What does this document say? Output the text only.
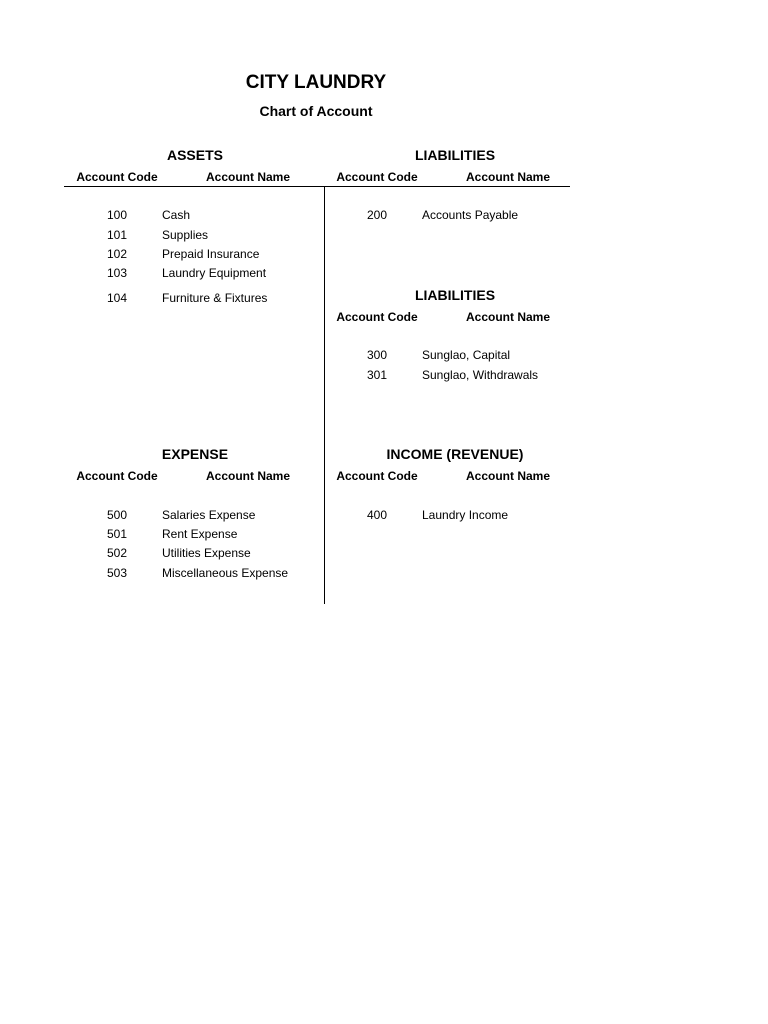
CITY LAUNDRY
Chart of Account
ASSETS
Account Code	Account Name
100	Cash
101	Supplies
102	Prepaid Insurance
103	Laundry Equipment
104	Furniture & Fixtures
LIABILITIES
Account Code	Account Name
200	Accounts Payable
LIABILITIES
Account Code	Account Name
300	Sunglao, Capital
301	Sunglao, Withdrawals
EXPENSE
Account Code	Account Name
500	Salaries Expense
501	Rent Expense
502	Utilities Expense
503	Miscellaneous Expense
INCOME (REVENUE)
Account Code	Account Name
400	Laundry Income
